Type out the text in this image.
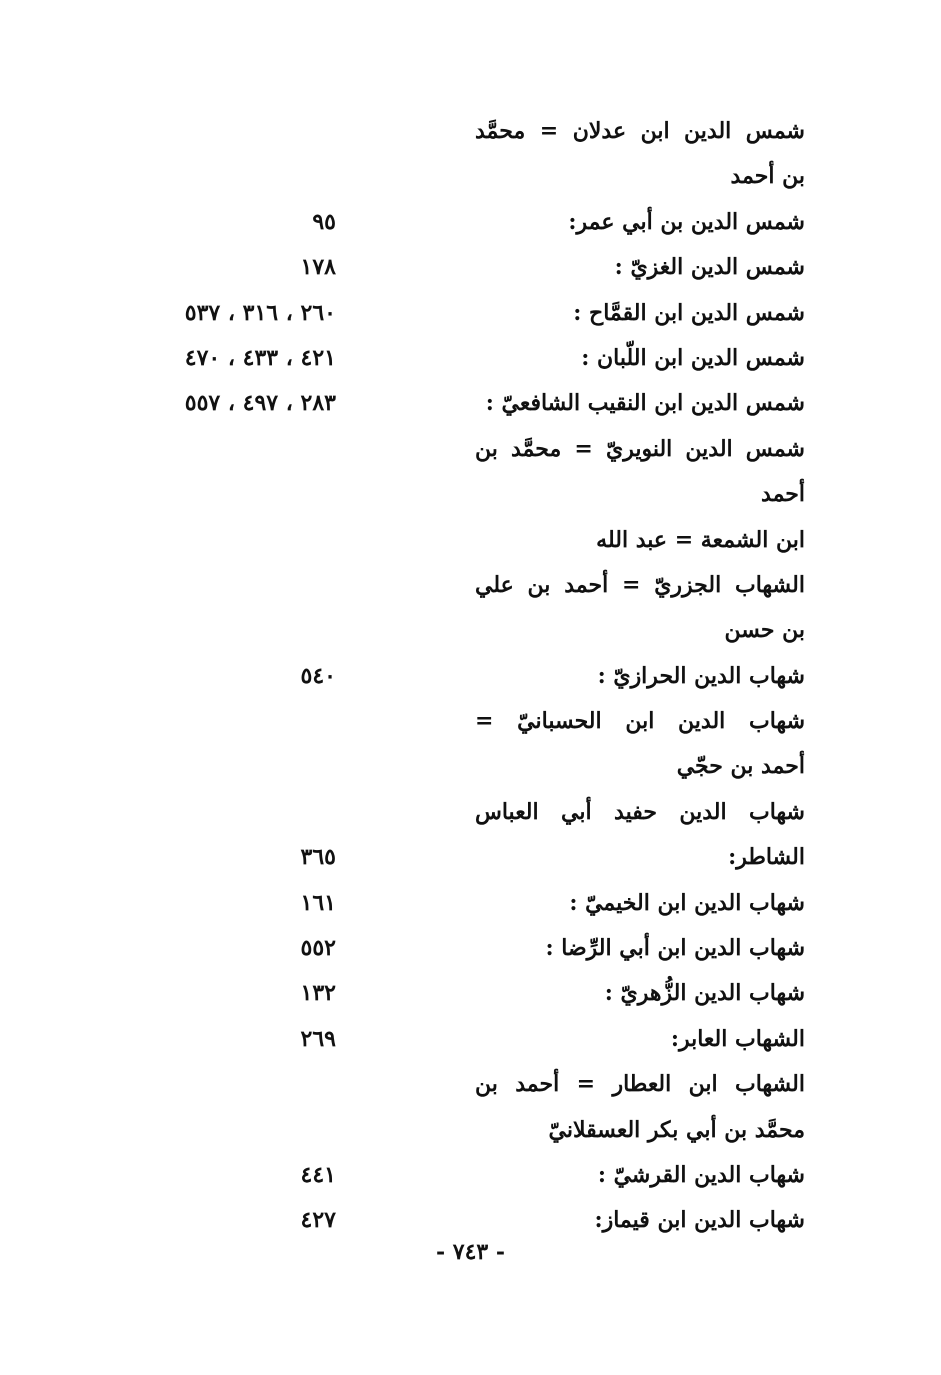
شمس الدين ابن عدلان = محمَّد
بن أحمد
شمس الدين بن أبي عمر:
٩٥
شمس الدين الغزيّ :
١٧٨
شمس الدين ابن القمَّاح :
٢٦٠ ، ٣١٦ ، ٥٣٧
شمس الدين ابن اللّبان :
٤٢١ ، ٤٣٣ ، ٤٧٠
شمس الدين ابن النقيب الشافعيّ :
٢٨٣ ، ٤٩٧ ، ٥٥٧
شمس الدين النويريّ = محمَّد بن
أحمد
ابن الشمعة = عبد الله
الشهاب الجزريّ = أحمد بن علي
بن حسن
شهاب الدين الحرازيّ :
٥٤٠
شهاب الدين ابن الحسبانيّ =
أحمد بن حجّي
شهاب الدين حفيد أبي العباس
الشاطر:
٣٦٥
شهاب الدين ابن الخيميّ :
١٦١
شهاب الدين ابن أبي الرِّضا :
٥٥٢
شهاب الدين الزُّهريّ :
١٣٢
الشهاب العابر:
٢٦٩
الشهاب ابن العطار = أحمد بن
محمَّد بن أبي بكر العسقلانيّ
شهاب الدين القرشيّ :
٤٤١
شهاب الدين ابن قيماز:
٤٢٧
- ٧٤٣ -
